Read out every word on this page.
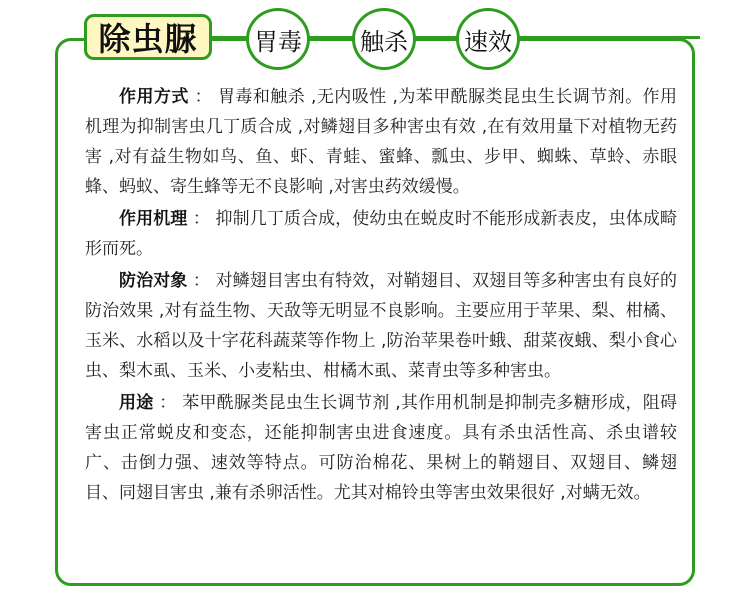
除虫脲	胃毒	触杀	速效

作用方式 ： 胃毒和触杀 ,无内吸性 ,为苯甲酰脲类昆虫生长调节剂。作用机理为抑制害虫几丁质合成 ,对鳞翅目多种害虫有效 ,在有效用量下对植物无药害 ,对有益生物如鸟、鱼、虾、青蛙、蜜蜂、瓢虫、步甲、蜘蛛、草蛉、赤眼蜂、蚂蚁、寄生蜂等无不良影响 ,对害虫药效缓慢。

作用机理 ： 抑制几丁质合成，使幼虫在蜕皮时不能形成新表皮，虫体成畸形而死。

防治对象 ： 对鳞翅目害虫有特效，对鞘翅目、双翅目等多种害虫有良好的防治效果 ,对有益生物、天敌等无明显不良影响。主要应用于苹果、梨、柑橘、玉米、水稻以及十字花科蔬菜等作物上 ,防治苹果卷叶蛾、甜菜夜蛾、梨小食心虫、梨木虱、玉米、小麦粘虫、柑橘木虱、菜青虫等多种害虫。

用途 ： 苯甲酰脲类昆虫生长调节剂 ,其作用机制是抑制壳多糖形成，阻碍害虫正常蜕皮和变态，还能抑制害虫进食速度。具有杀虫活性高、杀虫谱较广、击倒力强、速效等特点。可防治棉花、果树上的鞘翅目、双翅目、鳞翅目、同翅目害虫 ,兼有杀卵活性。尤其对棉铃虫等害虫效果很好 ,对螨无效。
